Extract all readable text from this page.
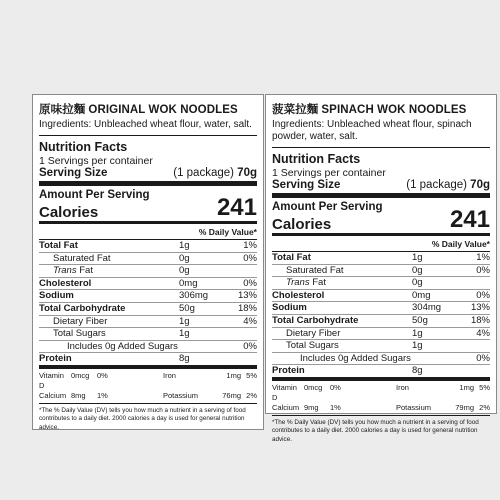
原味拉麵 ORIGINAL WOK NOODLES
Ingredients: Unbleached wheat flour, water, salt.
Nutrition Facts
1 Servings per container
Serving Size	(1 package) 70g
Amount Per Serving
Calories	241
% Daily Value*
Total Fat	1g	1%
Saturated Fat	0g	0%
Trans Fat	0g
Cholesterol	0mg	0%
Sodium	306mg	13%
Total Carbohydrate	50g	18%
Dietary Fiber	1g	4%
Total Sugars	1g
Includes 0g Added Sugars	0%
Protein	8g
Vitamin D
0mcg	0%	Iron	1mg 5%
Calcium 8mg	1%	Potassium	76mg 2%
*The % Daily Value (DV) tells you how much a nutrient in a serving of food contributes to a daily diet. 2000 calories a day is used for general nutrition advice.
菠菜拉麵 SPINACH WOK NOODLES
Ingredients: Unbleached wheat flour, spinach powder, water, salt.
Nutrition Facts
1 Servings per container
Serving Size	(1 package) 70g
Amount Per Serving
Calories	241
% Daily Value*
Total Fat	1g	1%
Saturated Fat	0g	0%
Trans Fat	0g
Cholesterol	0mg	0%
Sodium	304mg	13%
Total Carbohydrate	50g	18%
Dietary Fiber	1g	4%
Total Sugars	1g
Includes 0g Added Sugars	0%
Protein	8g
Vitamin D
0mcg	0%	Iron	1mg 5%
Calcium 9mg	1%	Potassium	79mg 2%
*The % Daily Value (DV) tells you how much a nutrient in a serving of food contributes to a daily diet. 2000 calories a day is used for general nutrition advice.
